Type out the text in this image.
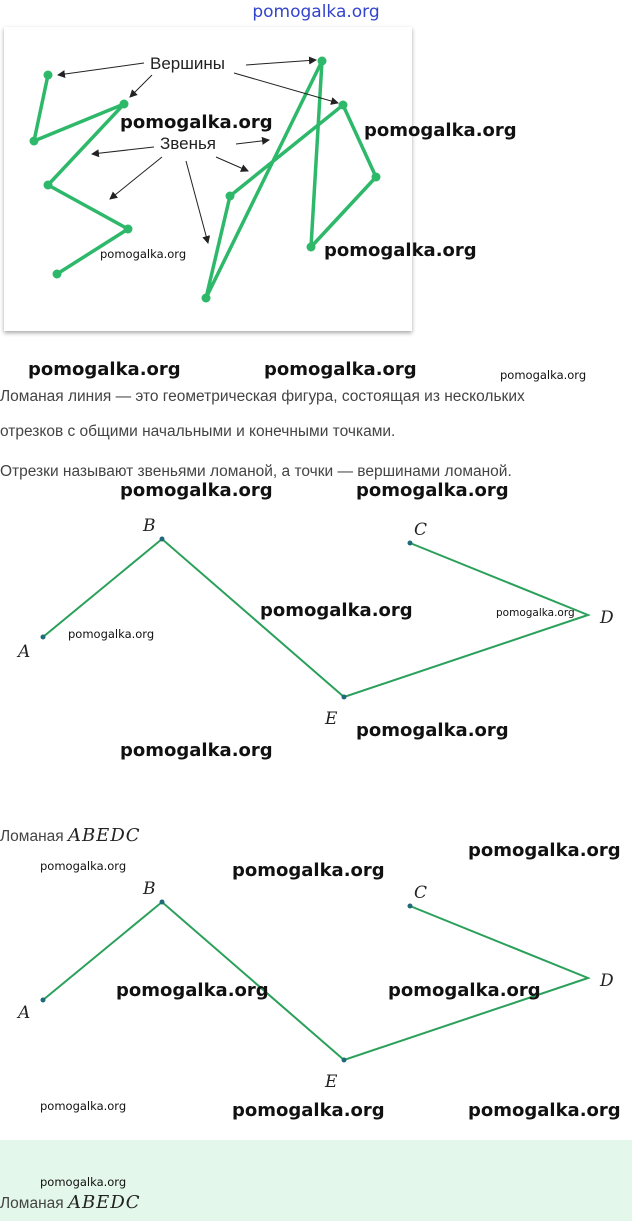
pomogalka.org
Вершины
Звенья
pomogalka.org	pomogalka.org
pomogalka.org	pomogalka.org
pomogalka.org	pomogalka.org	pomogalka.org
Ломаная линия — это геометрическая фигура, состоящая из нескольких
отрезков с общими начальными и конечными точками.
Отрезки называют звеньями ломаной, а точки — вершинами ломаной.
pomogalka.org	pomogalka.org
A
B
E
D
C
pomogalka.org	pomogalka.org
pomogalka.org
pomogalka.org
pomogalka.org
Ломаная ABEDC
pomogalka.org
pomogalka.org	pomogalka.org
A
B
E
D
C
pomogalka.org	pomogalka.org
pomogalka.org	pomogalka.org	pomogalka.org
pomogalka.org
Ломаная ABEDC
